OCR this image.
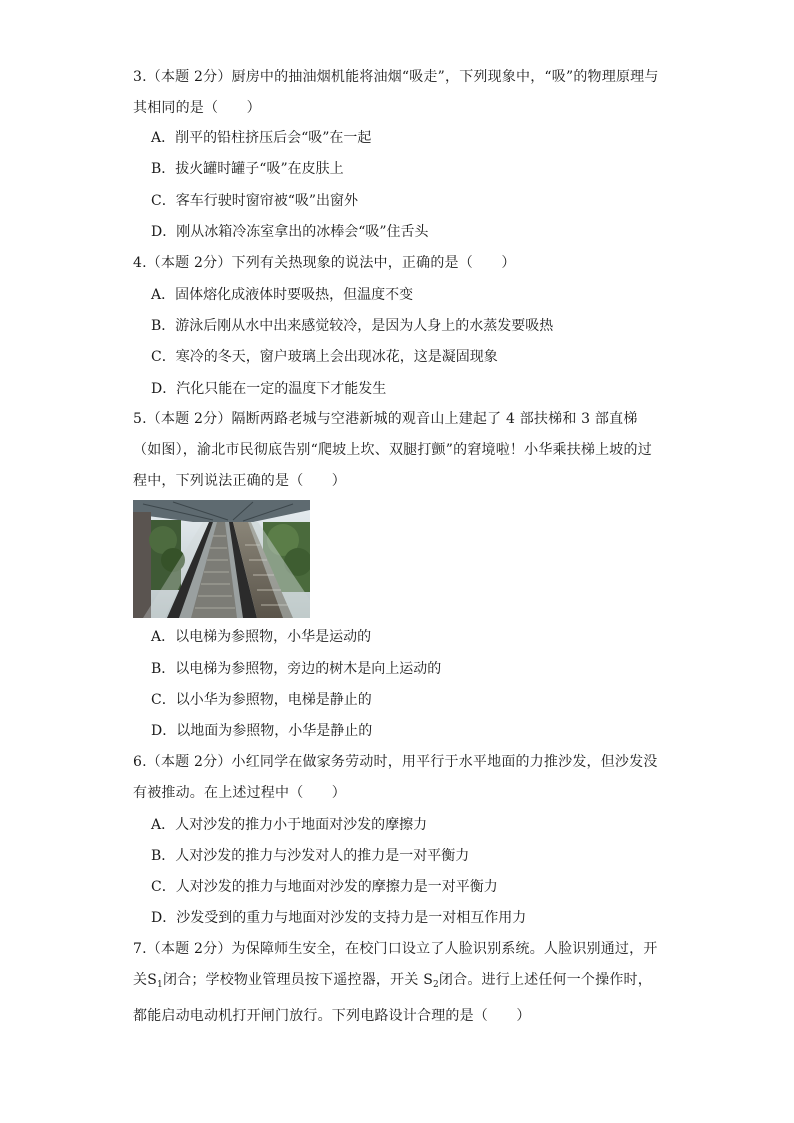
3.（本题 2分）厨房中的抽油烟机能将油烟“吸走”，下列现象中，“吸”的物理原理与其相同的是（　　）
A．削平的铅柱挤压后会“吸”在一起
B．拔火罐时罐子“吸”在皮肤上
C．客车行驶时窗帘被“吸”出窗外
D．刚从冰箱冷冻室拿出的冰棒会“吸”住舌头
4.（本题 2分）下列有关热现象的说法中，正确的是（　　）
A．固体熔化成液体时要吸热，但温度不变
B．游泳后刚从水中出来感觉较冷，是因为人身上的水蒸发要吸热
C．寒冷的冬天，窗户玻璃上会出现冰花，这是凝固现象
D．汽化只能在一定的温度下才能发生
5.（本题 2分）隔断两路老城与空港新城的观音山上建起了 4 部扶梯和 3 部直梯（如图），渝北市民彻底告别“爬坡上坎、双腿打颤”的窘境啦！小华乘扶梯上坡的过程中，下列说法正确的是（　　）
A．以电梯为参照物，小华是运动的
B．以电梯为参照物，旁边的树木是向上运动的
C．以小华为参照物，电梯是静止的
D．以地面为参照物，小华是静止的
6.（本题 2分）小红同学在做家务劳动时，用平行于水平地面的力推沙发，但沙发没有被推动。在上述过程中（　　）
A．人对沙发的推力小于地面对沙发的摩擦力
B．人对沙发的推力与沙发对人的推力是一对平衡力
C．人对沙发的推力与地面对沙发的摩擦力是一对平衡力
D．沙发受到的重力与地面对沙发的支持力是一对相互作用力
7.（本题 2分）为保障师生安全，在校门口设立了人脸识别系统。人脸识别通过，开关$S_1$闭合；学校物业管理员按下遥控器，开关 $S_2$闭合。进行上述任何一个操作时，都能启动电动机打开闸门放行。下列电路设计合理的是（　　）
